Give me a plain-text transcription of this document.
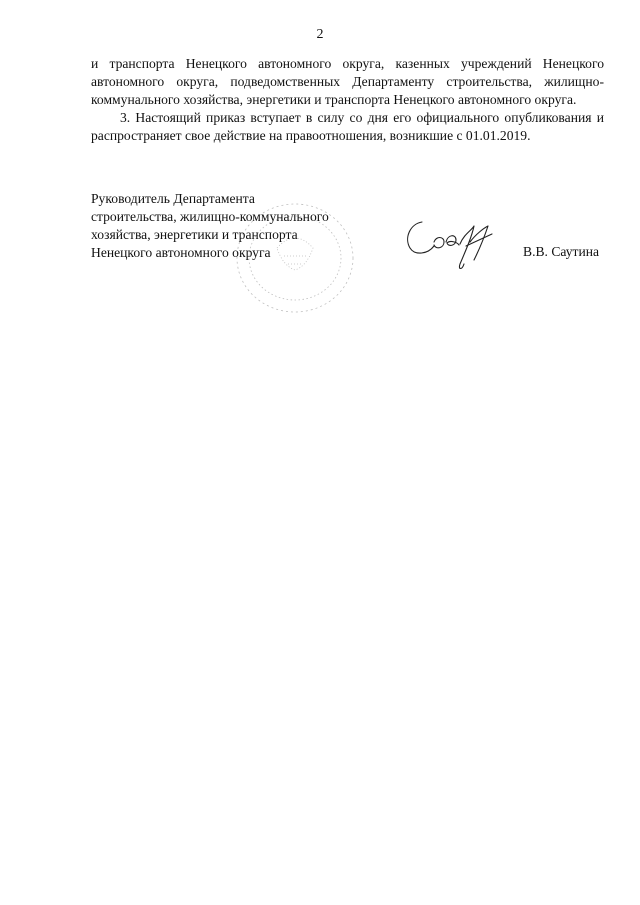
2

и транспорта Ненецкого автономного округа, казенных учреждений Ненецкого автономного округа, подведомственных Департаменту строительства, жилищно-коммунального хозяйства, энергетики и транспорта Ненецкого автономного округа.

3. Настоящий приказ вступает в силу со дня его официального опубликования и распространяет свое действие на правоотношения, возникшие с 01.01.2019.

Руководитель Департамента
строительства, жилищно-коммунального
хозяйства, энергетики и транспорта
Ненецкого автономного округа	В.В. Саутина
